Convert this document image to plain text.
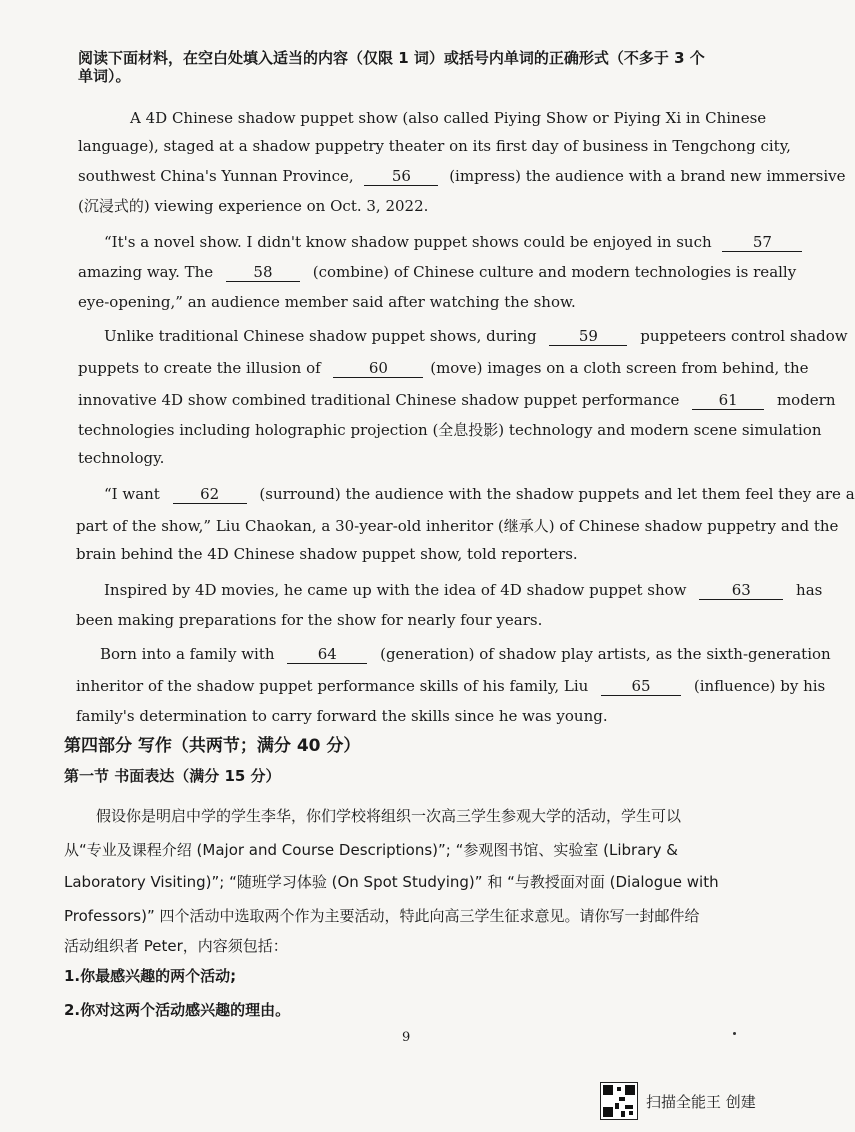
阅读下面材料，在空白处填入适当的内容（仅限 1 词）或括号内单词的正确形式（不多于 3 个
单词）。
A 4D Chinese shadow puppet show (also called Piying Show or Piying Xi in Chinese
language), staged at a shadow puppetry theater on its first day of business in Tengchong city,
southwest China's Yunnan Province,	56	(impress) the audience with a brand new immersive
(沉浸式的) viewing experience on Oct. 3, 2022.
“It's a novel show. I didn't know shadow puppet shows could be enjoyed in such	57
amazing way. The	58	(combine) of Chinese culture and modern technologies is really
eye-opening,” an audience member said after watching the show.
Unlike traditional Chinese shadow puppet shows, during	59	puppeteers control shadow
puppets to create the illusion of	60	(move) images on a cloth screen from behind, the
innovative 4D show combined traditional Chinese shadow puppet performance	61	modern
technologies including holographic projection (全息投影) technology and modern scene simulation
technology.
“I want	62	(surround) the audience with the shadow puppets and let them feel they are a
part of the show,” Liu Chaokan, a 30-year-old inheritor (继承人) of Chinese shadow puppetry and the
brain behind the 4D Chinese shadow puppet show, told reporters.
Inspired by 4D movies, he came up with the idea of 4D shadow puppet show	63	has
been making preparations for the show for nearly four years.
Born into a family with	64	(generation) of shadow play artists, as the sixth-generation
inheritor of the shadow puppet performance skills of his family, Liu	65	(influence) by his
family's determination to carry forward the skills since he was young.
第四部分 写作（共两节；满分 40 分）
第一节 书面表达（满分 15 分）
假设你是明启中学的学生李华，你们学校将组织一次高三学生参观大学的活动，学生可以
从“专业及课程介绍 (Major and Course Descriptions)”; “参观图书馆、实验室 (Library &
Laboratory Visiting)”; “随班学习体验 (On Spot Studying)” 和 “与教授面对面 (Dialogue with
Professors)” 四个活动中选取两个作为主要活动，特此向高三学生征求意见。请你写一封邮件给
活动组织者 Peter，内容须包括：
1.你最感兴趣的两个活动;
2.你对这两个活动感兴趣的理由。
9
扫描全能王 创建
